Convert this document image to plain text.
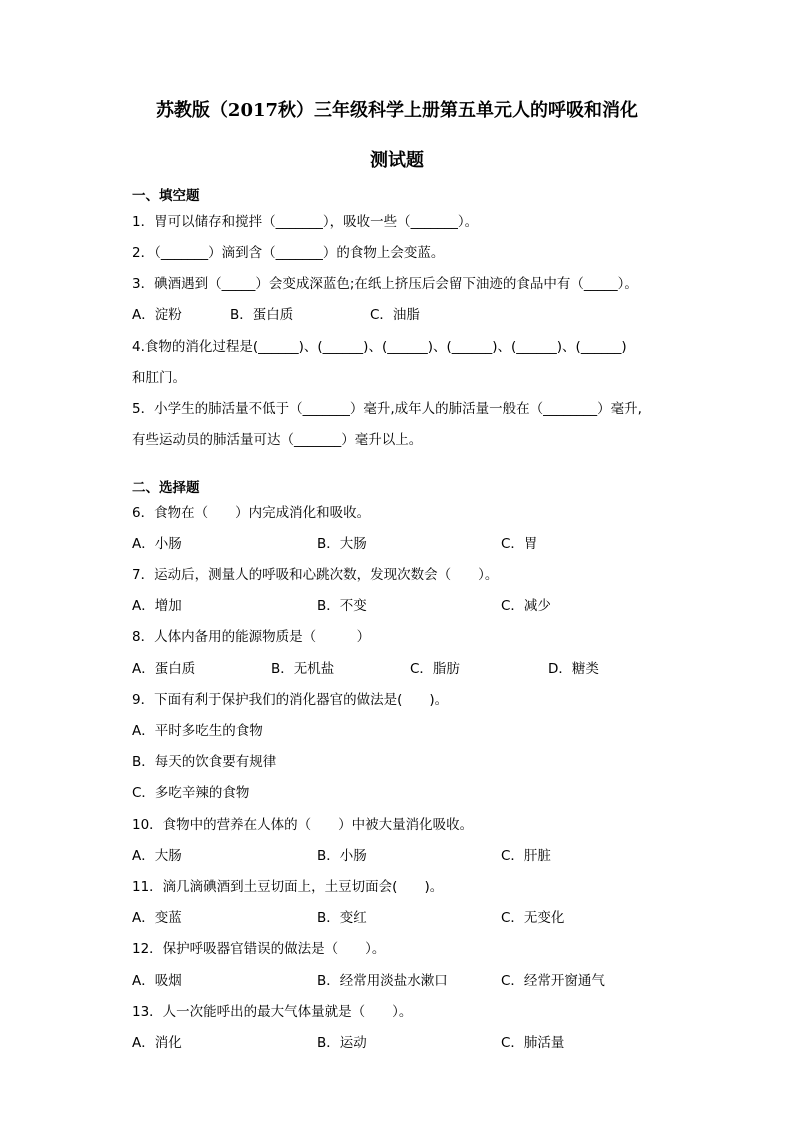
苏教版（2017秋）三年级科学上册第五单元人的呼吸和消化
测试题
一、填空题
1．胃可以储存和搅拌（_______），吸收一些（_______）。
2．（_______）滴到含（_______）的食物上会变蓝。
3．碘酒遇到（_____）会变成深蓝色;在纸上挤压后会留下油迹的食品中有（_____）。
A．淀粉	B．蛋白质	C．油脂
4.食物的消化过程是(______)、(______)、(______)、(______)、(______)、(______)
和肛门。
5．小学生的肺活量不低于（_______）毫升,成年人的肺活量一般在（________）毫升,
有些运动员的肺活量可达（_______）毫升以上。
二、选择题
6．食物在（　　）内完成消化和吸收。
A．小肠	B．大肠	C．胃
7．运动后，测量人的呼吸和心跳次数，发现次数会（　　）。
A．增加	B．不变	C．减少
8．人体内备用的能源物质是（　　　）
A．蛋白质	B．无机盐	C．脂肪	D．糖类
9．下面有利于保护我们的消化器官的做法是(　　)。
A．平时多吃生的食物
B．每天的饮食要有规律
C．多吃辛辣的食物
10．食物中的营养在人体的（　　）中被大量消化吸收。
A．大肠	B．小肠	C．肝脏
11．滴几滴碘酒到土豆切面上，土豆切面会(　　)。
A．变蓝	B．变红	C．无变化
12．保护呼吸器官错误的做法是（　　）。
A．吸烟	B．经常用淡盐水漱口	C．经常开窗通气
13．人一次能呼出的最大气体量就是（　　）。
A．消化	B．运动	C．肺活量
